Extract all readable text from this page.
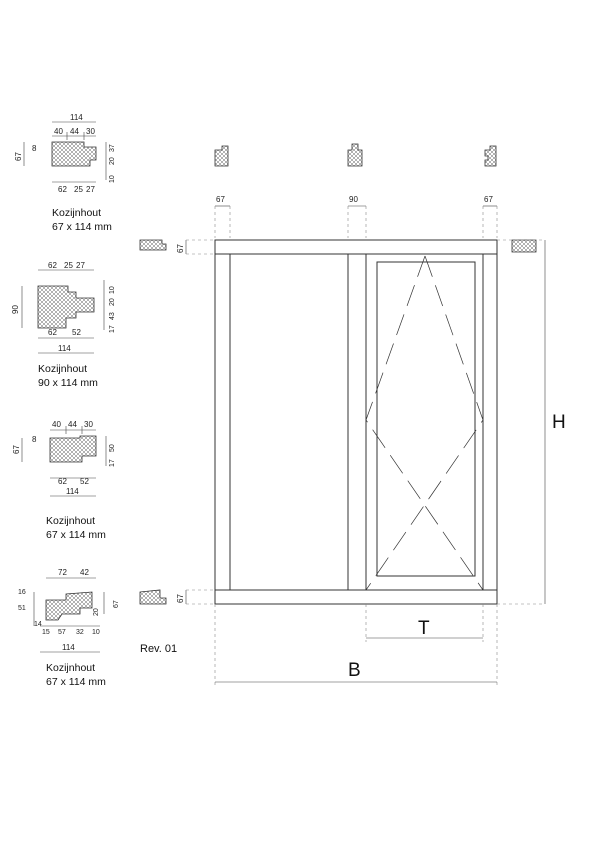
114
40 44 30
67
8	37
20
10
62 25 27
Kozijnhout
67 x 114 mm
62 25 27
90
10
20
43
17
62 52
114
Kozijnhout
90 x 114 mm
40 44 30
67
8
50
17
62 52
114
Kozijnhout
67 x 114 mm
72 42
16
51
14
67
20
15 57 32 10
114
Kozijnhout
67 x 114 mm
Rev. 01
67	90	67
67
67
H
T
B
